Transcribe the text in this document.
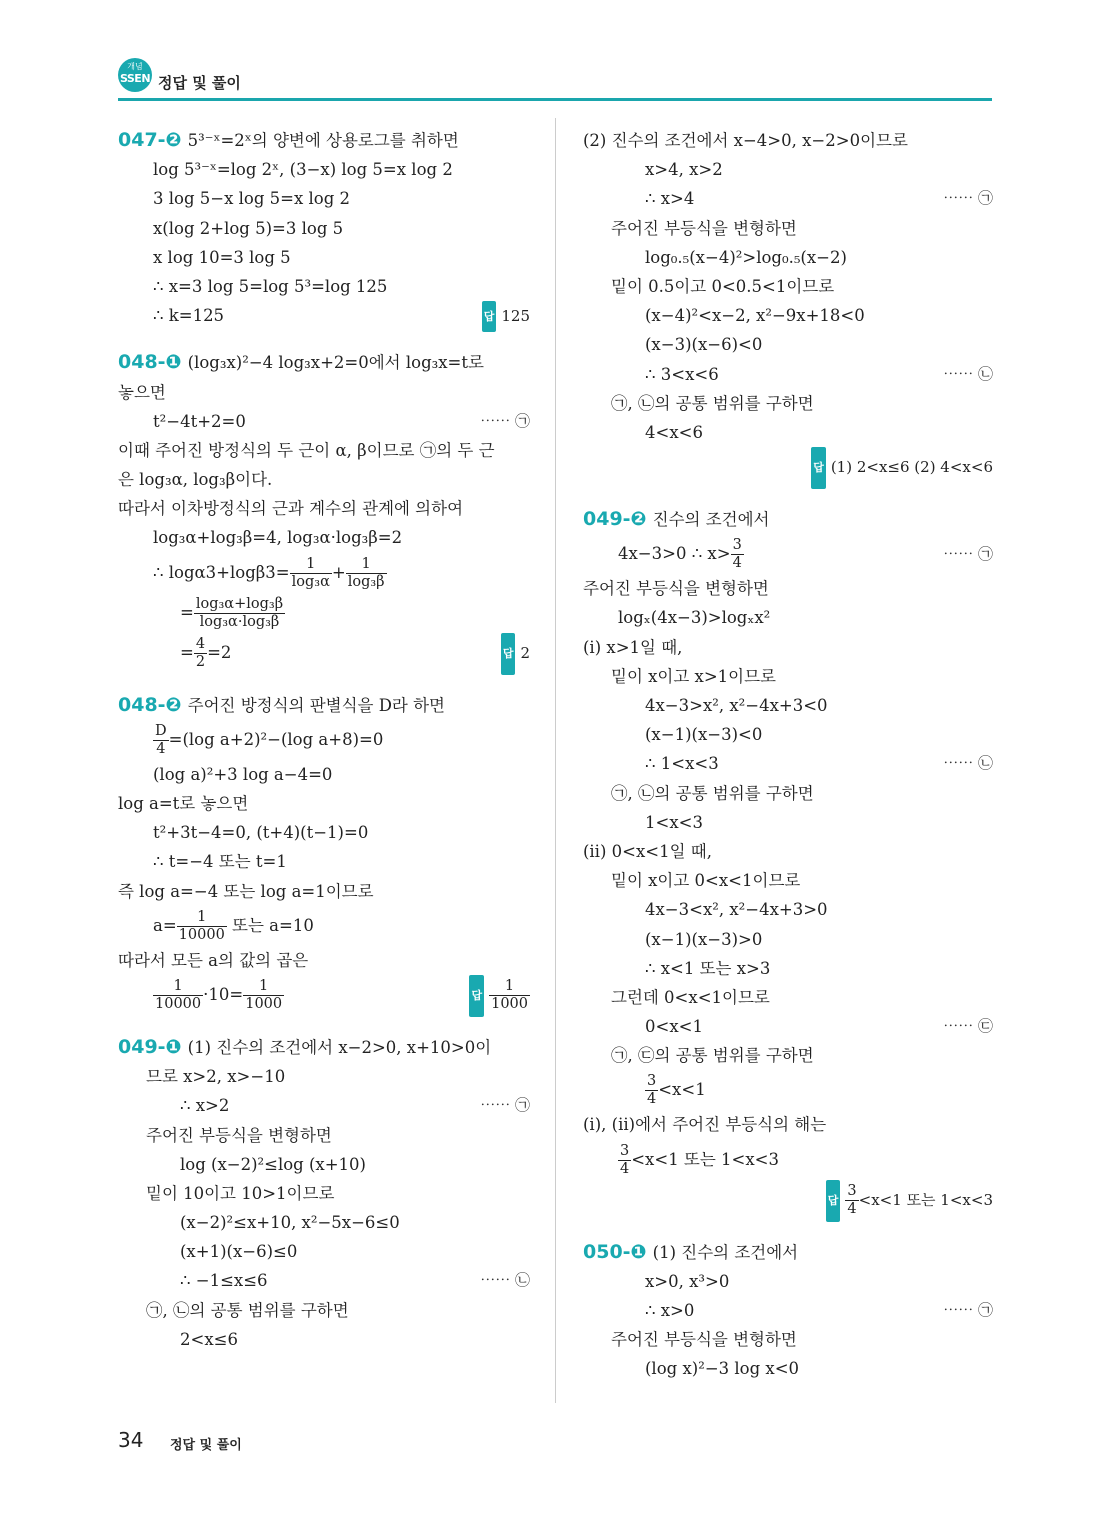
개념
SSEN 정답 및 풀이
047-❷ 5³⁻ˣ=2ˣ의 양변에 상용로그를 취하면
log 5³⁻ˣ=log 2ˣ, (3−x) log 5=x log 2
3 log 5−x log 5=x log 2
x(log 2+log 5)=3 log 5
x log 10=3 log 5
∴ x=3 log 5=log 5³=log 125
∴ k=125	답 125
048-❶ (log₃x)²−4 log₃x+2=0에서 log₃x=t로
놓으면
t²−4t+2=0	⋯⋯ ㉠
이때 주어진 방정식의 두 근이 α, β이므로 ㉠의 두 근
은 log₃α, log₃β이다.
따라서 이차방정식의 근과 계수의 관계에 의하여
log₃α+log₃β=4, log₃α·log₃β=2
∴ $\log\alpha 3+\log\beta 3= \frac{1}{\text{log₃α}} + \frac{1}{\text{log₃β}}$
= $\frac{\text{log₃α+log₃β}}{\text{log₃α·log₃β}}$
= $\frac{4}{2} =2$	답 2
048-❷ 주어진 방정식의 판별식을 D라 하면
$\frac{D}{4} =(\log$ a+2)²−(log a+8)=0
(log a)²+3 log a−4=0
log a=t로 놓으면
t²+3t−4=0, (t+4)(t−1)=0
∴ t=−4 또는 t=1
즉 log a=−4 또는 log a=1이므로
$a= \frac{1}{10000}$ 또는 a=10
따라서 모든 a의 값의 곱은
$\frac{1}{10000} \cdot 10= \frac{1}{1000}$	답 $\frac{1}{1000}$
049-❶ (1) 진수의 조건에서 x−2>0, x+10>0이
므로 x>2, x>−10
∴ x>2	⋯⋯ ㉠
주어진 부등식을 변형하면
log (x−2)²≤log (x+10)
밑이 10이고 10>1이므로
(x−2)²≤x+10, x²−5x−6≤0
(x+1)(x−6)≤0
∴ −1≤x≤6	⋯⋯ ㉡
㉠, ㉡의 공통 범위를 구하면
2<x≤6
(2) 진수의 조건에서 x−4>0, x−2>0이므로
x>4, x>2
∴ x>4	⋯⋯ ㉠
주어진 부등식을 변형하면
log₀.₅(x−4)²>log₀.₅(x−2)
밑이 0.5이고 0<0.5<1이므로
(x−4)²<x−2, x²−9x+18<0
(x−3)(x−6)<0
∴ 3<x<6	⋯⋯ ㉡
㉠, ㉡의 공통 범위를 구하면
4<x<6
답 (1) 2<x≤6 (2) 4<x<6
049-❷ 진수의 조건에서
4x−3>0 ∴ $x> \frac{3}{4}$	⋯⋯ ㉠
주어진 부등식을 변형하면
logₓ(4x−3)>logₓx²
(ⅰ) x>1일 때,
밑이 x이고 x>1이므로
4x−3>x², x²−4x+3<0
(x−1)(x−3)<0
∴ 1<x<3	⋯⋯ ㉡
㉠, ㉡의 공통 범위를 구하면
1<x<3
(ⅱ) 0<x<1일 때,
밑이 x이고 0<x<1이므로
4x−3<x², x²−4x+3>0
(x−1)(x−3)>0
∴ x<1 또는 x>3
그런데 0<x<1이므로
0<x<1	⋯⋯ ㉢
㉠, ㉢의 공통 범위를 구하면
$\frac{3}{4} <x<1$
(ⅰ), (ⅱ)에서 주어진 부등식의 해는
$\frac{3}{4} <x<1$ 또는 1<x<3
답 $\frac{3}{4} <x<1$ 또는 1<x<3
050-❶ (1) 진수의 조건에서
x>0, x³>0
∴ x>0	⋯⋯ ㉠
주어진 부등식을 변형하면
(log x)²−3 log x<0
34 정답 및 풀이
